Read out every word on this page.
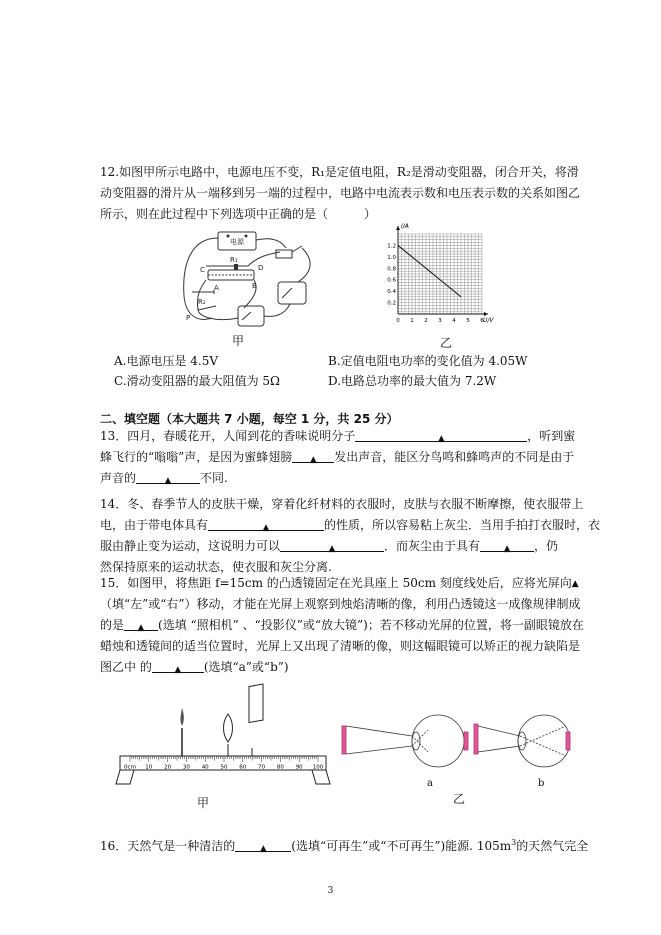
12.如图甲所示电路中，电源电压不变，R₁是定值电阻，R₂是滑动变阻器，闭合开关，将滑
动变阻器的滑片从一端移到另一端的过程中，电路中电流表示数和电压表示数的关系如图乙
所示，则在此过程中下列选项中正确的是（　　　）
电源
C
A
R₁
D
B
R₂
P
甲
0 1 2 3 4 5 6
0.2
0.4
0.6
0.8
1.0
1.2
U/V
I/A
乙
A.电源电压是 4.5V	B.定值电阻电功率的变化值为 4.05W
C.滑动变阻器的最大阻值为 5Ω	D.电路总功率的最大值为 7.2W
二、填空题（本大题共 7 小题，每空 1 分，共 25 分）
13．四月，春暖花开，人闻到花的香味说明分子	▲	，听到蜜
蜂飞行的“嗡嗡”声，是因为蜜蜂翅膀 ▲ 发出声音，能区分鸟鸣和蜂鸣声的不同是由于
声音的	▲ 不同.
14．冬、春季节人的皮肤干燥，穿着化纤材料的衣服时，皮肤与衣服不断摩擦，使衣服带上
电，由于带电体具有	▲	的性质，所以容易粘上灰尘．当用手拍打衣服时，衣
服由静止变为运动，这说明力可以	▲	．而灰尘由于具有	▲ ，仍
然保持原来的运动状态，使衣服和灰尘分离.
15．如图甲，将焦距 f=15cm 的凸透镜固定在光具座上 50cm 刻度线处后，应将光屏向▲
（填“左”或“右”）移动，才能在光屏上观察到烛焰清晰的像，利用凸透镜这一成像规律制成
的是 ▲ (选填 “照相机” 、“投影仪”或“放大镜”)；若不移动光屏的位置，将一副眼镜放在
蜡烛和透镜间的适当位置时，光屏上又出现了清晰的像，则这幅眼镜可以矫正的视力缺陷是
图乙中 的	▲ (选填“a”或“b”)
0cm 10 20 30 40 50 60 70 80 90 100
甲
a
乙
b
16．天然气是一种清洁的	▲ (选填“可再生”或“不可再生”)能源. $105m^3$的天然气完全
3
